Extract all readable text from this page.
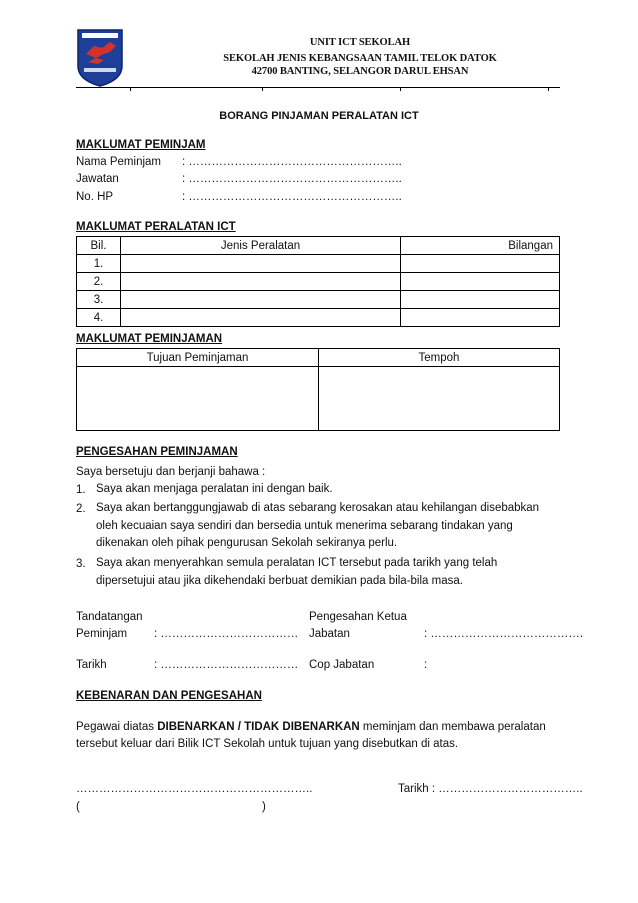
UNIT ICT SEKOLAH
SEKOLAH JENIS KEBANGSAAN TAMIL TELOK DATOK
42700 BANTING, SELANGOR DARUL EHSAN
BORANG PINJAMAN PERALATAN ICT
MAKLUMAT PEMINJAM
Nama Peminjam : ………………………………………………..
Jawatan	: ………………………………………………..
No. HP	: ………………………………………………..
MAKLUMAT PERALATAN ICT
Bil.	Jenis Peralatan	Bilangan
1.		
2.		
3.		
4.		
MAKLUMAT PEMINJAMAN
Tujuan Peminjaman	Tempoh

PENGESAHAN PEMINJAMAN
Saya bersetuju dan berjanji bahawa :
1. Saya akan menjaga peralatan ini dengan baik.
2. Saya akan bertanggungjawab di atas sebarang kerosakan atau kehilangan disebabkan
oleh kecuaian saya sendiri dan bersedia untuk menerima sebarang tindakan yang
dikenakan oleh pihak pengurusan Sekolah sekiranya perlu.
3. Saya akan menyerahkan semula peralatan ICT tersebut pada tarikh yang telah
dipersetujui atau jika dikehendaki berbuat demikian pada bila-bila masa.
Tandatangan
Peminjam : ………………………………
Pengesahan Ketua
Jabatan	: ………………………………….
Tarikh	: ……………………………… Cop Jabatan	:
KEBENARAN DAN PENGESAHAN
Pegawai diatas DIBENARKAN / TIDAK DIBENARKAN meminjam dan membawa peralatan
tersebut keluar dari Bilik ICT Sekolah untuk tujuan yang disebutkan di atas.
……………………………………………………..	Tarikh : ………………………………..
(	)
